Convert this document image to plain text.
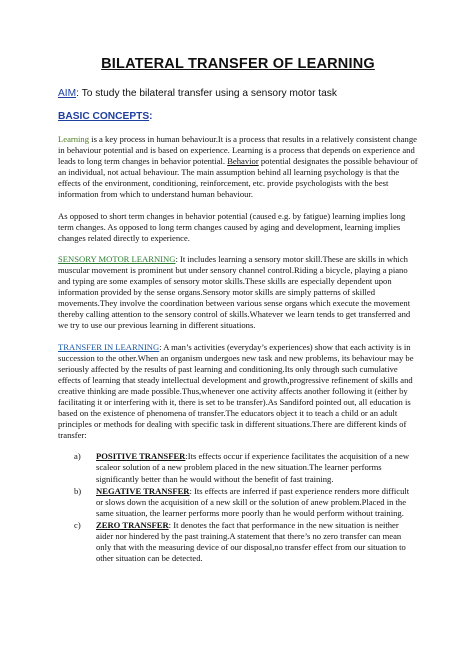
BILATERAL TRANSFER OF LEARNING
AIM: To study the bilateral transfer using a sensory motor task
BASIC CONCEPTS:

Learning is a key process in human behaviour.It is a process that results in a relatively consistent change in behaviour potential and is based on experience. Learning is a process that depends on experience and leads to long term changes in behavior potential. Behavior potential designates the possible behaviour of an individual, not actual behaviour. The main assumption behind all learning psychology is that the effects of the environment, conditioning, reinforcement, etc. provide psychologists with the best information from which to understand human behaviour.

As opposed to short term changes in behavior potential (caused e.g. by fatigue) learning implies long term changes. As opposed to long term changes caused by aging and development, learning implies changes related directly to experience.

SENSORY MOTOR LEARNING: It includes learning a sensory motor skill.These are skills in which muscular movement is prominent but under sensory channel control.Riding a bicycle, playing a piano and typing are some examples of sensory motor skills.These skills are especially dependent upon information provided by the sense organs.Sensory motor skills are simply patterns of skilled movements.They involve the coordination between various sense organs which execute the movement thereby calling attention to the sensory control of skills.Whatever we learn tends to get transferred and we try to use our previous learning in different situations.

TRANSFER IN LEARNING: A man’s activities (everyday’s experiences) show that each activity is in succession to the other.When an organism undergoes new task and new problems, its behaviour may be seriously affected by the results of past learning and conditioning.Its only through such cumulative effects of learning that steady intellectual development and growth,progressive refinement of skills and creative thinking are made possible.Thus,whenever one activity affects another following it (either by facilitating it or interfering with it, there is set to be transfer).As Sandiford pointed out, all education is based on the existence of phenomena of transfer.The educators object it to teach a child or an adult principles or methods for dealing with specific task in different situations.There are different kinds of transfer:

a) POSITIVE TRANSFER:Its effects occur if experience facilitates the acquisition of a new scaleor solution of a new problem placed in the new situation.The learner performs significantly better than he would without the benefit of fast training.
b) NEGATIVE TRANSFER: Its effects are inferred if past experience renders more difficult or slows down the acquisition of a new skill or the solution of anew problem.Placed in the same situation, the learner performs more poorly than he would perform without training.
c) ZERO TRANSFER: It denotes the fact that performance in the new situation is neither aider nor hindered by the past training.A statement that there’s no zero transfer can mean only that with the measuring device of our disposal,no transfer effect from our situation to other situation can be detected.
